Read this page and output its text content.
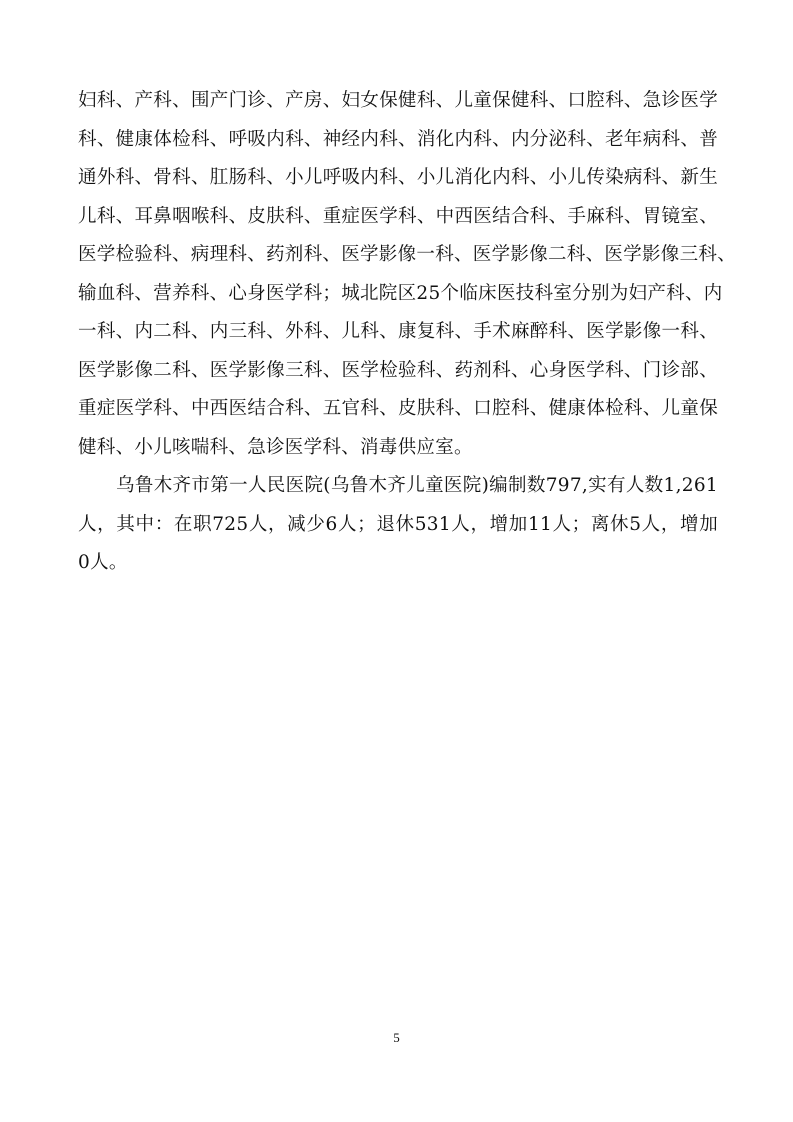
妇科、产科、围产门诊、产房、妇女保健科、儿童保健科、口腔科、急诊医学
科、健康体检科、呼吸内科、神经内科、消化内科、内分泌科、老年病科、普
通外科、骨科、肛肠科、小儿呼吸内科、小儿消化内科、小儿传染病科、新生
儿科、耳鼻咽喉科、皮肤科、重症医学科、中西医结合科、手麻科、胃镜室、
医学检验科、病理科、药剂科、医学影像一科、医学影像二科、医学影像三科、
输血科、营养科、心身医学科；城北院区25个临床医技科室分别为妇产科、内
一科、内二科、内三科、外科、儿科、康复科、手术麻醉科、医学影像一科、
医学影像二科、医学影像三科、医学检验科、药剂科、心身医学科、门诊部、
重症医学科、中西医结合科、五官科、皮肤科、口腔科、健康体检科、儿童保
健科、小儿咳喘科、急诊医学科、消毒供应室。
乌鲁木齐市第一人民医院(乌鲁木齐儿童医院)编制数797,实有人数1,261
人，其中：在职725人，减少6人；退休531人，增加11人；离休5人，增加
0人。
5
